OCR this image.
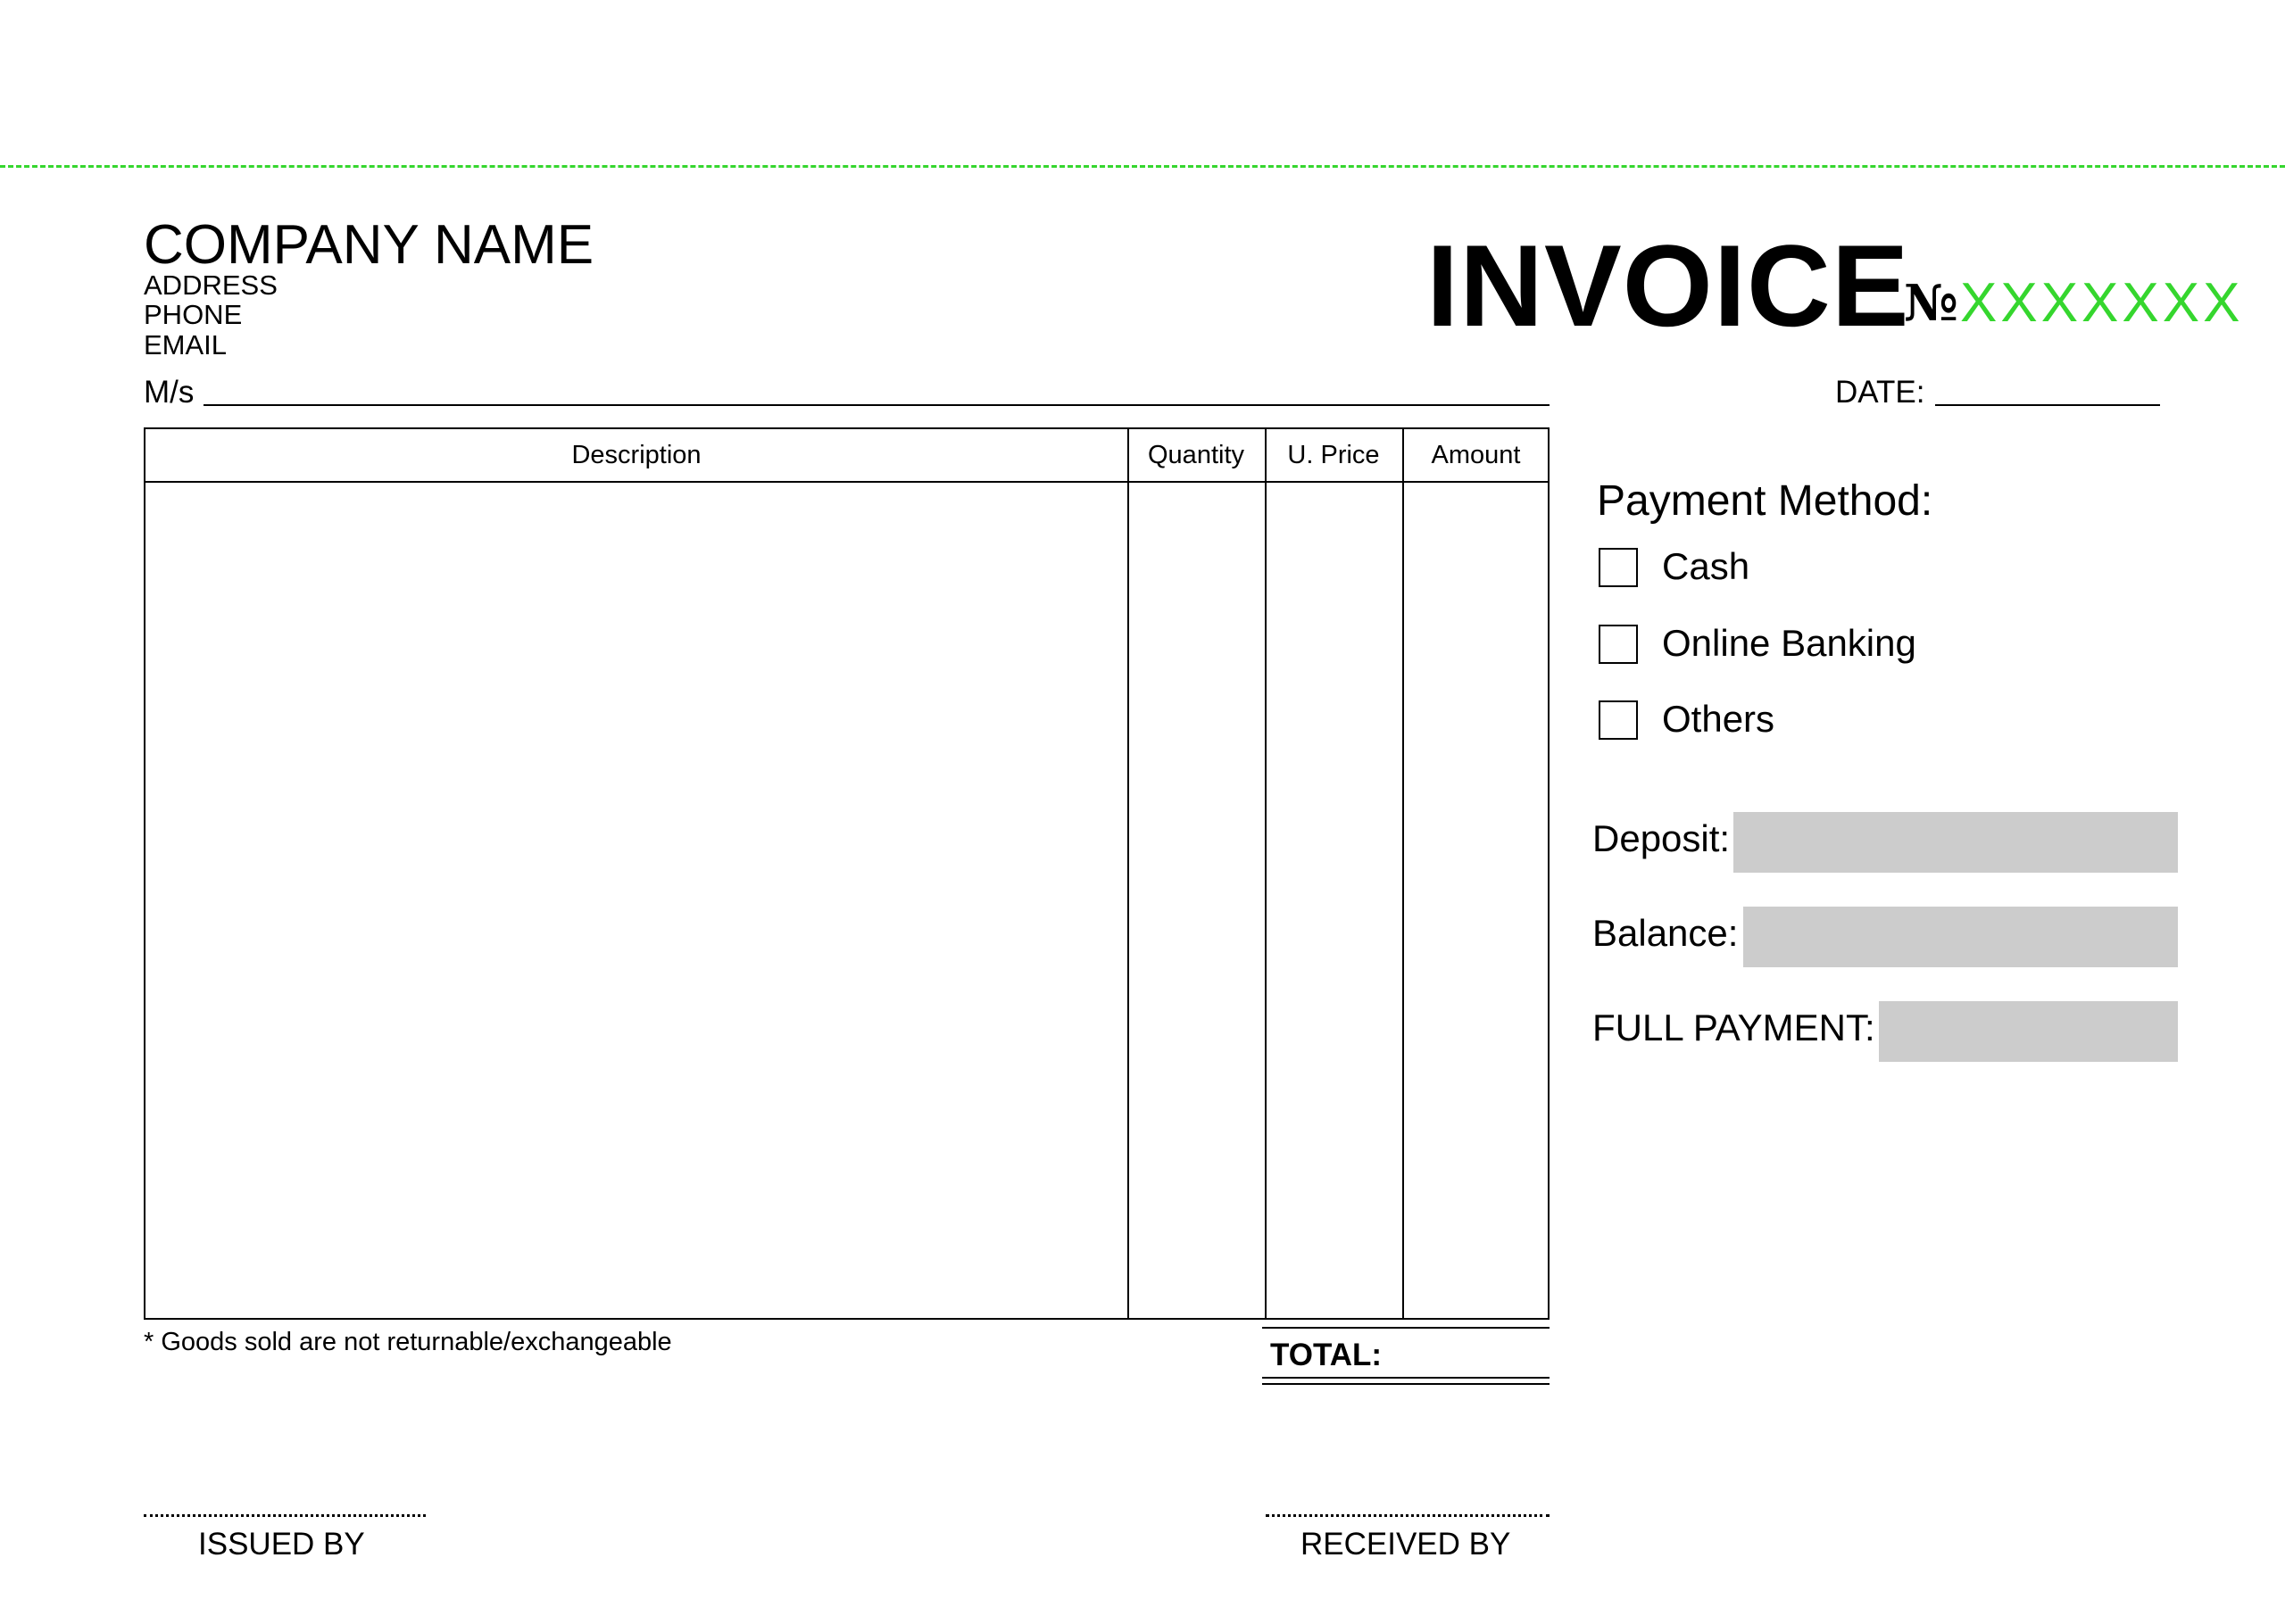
COMPANY NAME
ADDRESS
PHONE
EMAIL	INVOICE
№ XXXXXXX
M/s	DATE:
Description	Quantity	U. Price	Amount
* Goods sold are not returnable/exchangeable	TOTAL:
ISSUED BY	RECEIVED BY
Payment Method:
Cash
Online Banking
Others
Deposit:
Balance:
FULL PAYMENT:
